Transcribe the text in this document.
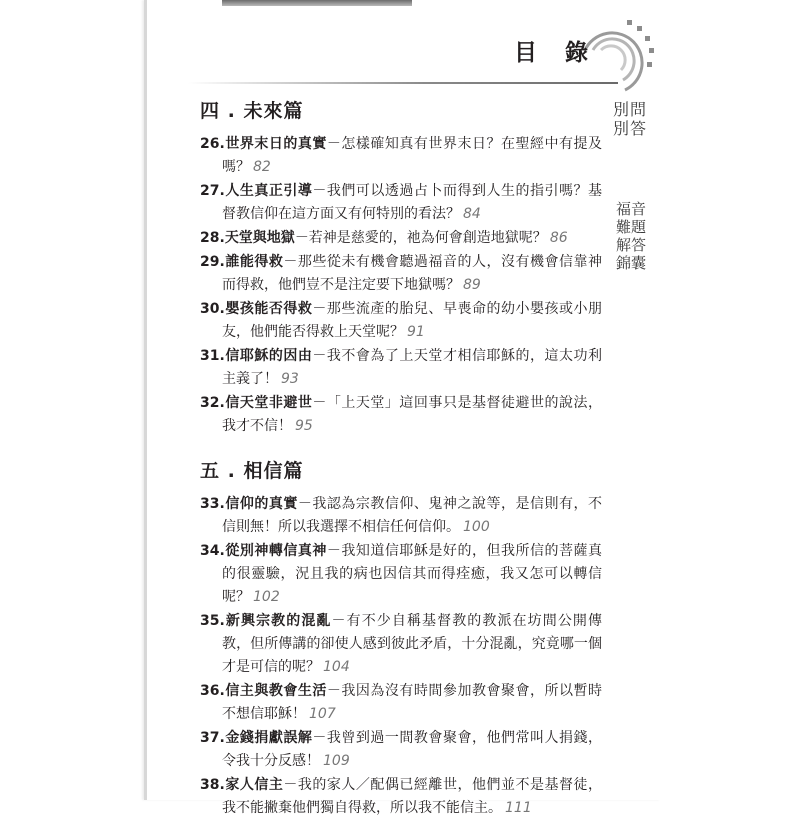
目 錄
別問別答
福音難題解答錦囊
四 . 未來篇
26.世界末日的真實－怎樣確知真有世界末日？在聖經中有提及嗎？ 82
27.人生真正引導－我們可以透過占卜而得到人生的指引嗎？基督教信仰在這方面又有何特別的看法？ 84
28.天堂與地獄－若神是慈愛的，祂為何會創造地獄呢？ 86
29.誰能得救－那些從未有機會聽過福音的人，沒有機會信靠神而得救，他們豈不是注定要下地獄嗎？ 89
30.嬰孩能否得救－那些流產的胎兒、早喪命的幼小嬰孩或小朋友，他們能否得救上天堂呢？ 91
31.信耶穌的因由－我不會為了上天堂才相信耶穌的，這太功利主義了！ 93
32.信天堂非避世－「上天堂」這回事只是基督徒避世的說法，我才不信！ 95
五 . 相信篇
33.信仰的真實－我認為宗教信仰、鬼神之說等，是信則有，不信則無！所以我選擇不相信任何信仰。 100
34.從別神轉信真神－我知道信耶穌是好的，但我所信的菩薩真的很靈驗，況且我的病也因信其而得痊癒，我又怎可以轉信呢？ 102
35.新興宗教的混亂－有不少自稱基督教的教派在坊間公開傳教，但所傳講的卻使人感到彼此矛盾，十分混亂，究竟哪一個才是可信的呢？ 104
36.信主與教會生活－我因為沒有時間參加教會聚會，所以暫時不想信耶穌！ 107
37.金錢捐獻誤解－我曾到過一間教會聚會，他們常叫人捐錢，令我十分反感！ 109
38.家人信主－我的家人／配偶已經離世，他們並不是基督徒，我不能撇棄他們獨自得救，所以我不能信主。 111
